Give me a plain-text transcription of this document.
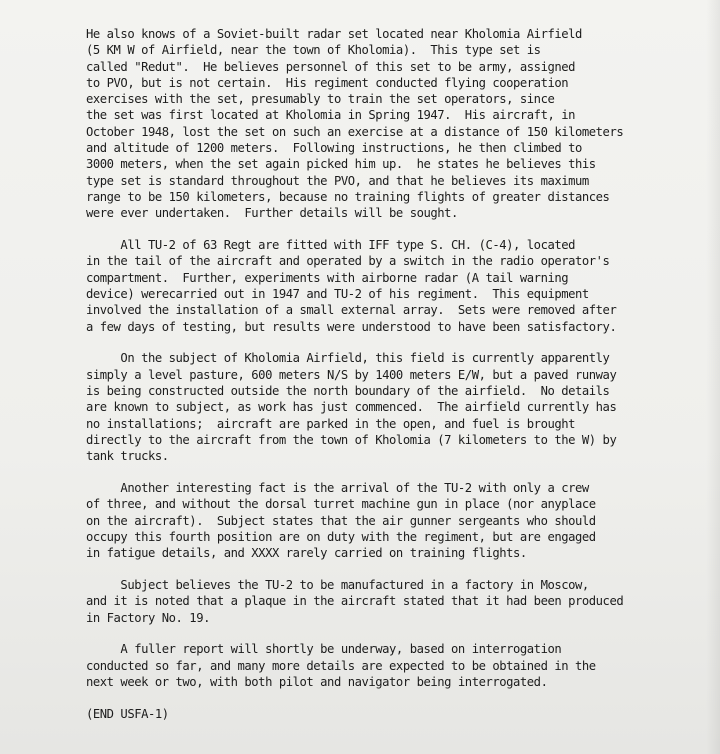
He also knows of a Soviet-built radar set located near Kholomia Airfield
(5 KM W of Airfield, near the town of Kholomia).  This type set is
called "Redut".  He believes personnel of this set to be army, assigned
to PVO, but is not certain.  His regiment conducted flying cooperation
exercises with the set, presumably to train the set operators, since
the set was first located at Kholomia in Spring 1947.  His aircraft, in
October 1948, lost the set on such an exercise at a distance of 150 kilometers
and altitude of 1200 meters.  Following instructions, he then climbed to
3000 meters, when the set again picked him up.  he states he believes this
type set is standard throughout the PVO, and that he believes its maximum
range to be 150 kilometers, because no training flights of greater distances
were ever undertaken.  Further details will be sought.
All TU-2 of 63 Regt are fitted with IFF type S. CH. (C-4), located
in the tail of the aircraft and operated by a switch in the radio operator's
compartment.  Further, experiments with airborne radar (A tail warning
device) werecarried out in 1947 and TU-2 of his regiment.  This equipment
involved the installation of a small external array.  Sets were removed after
a few days of testing, but results were understood to have been satisfactory.
On the subject of Kholomia Airfield, this field is currently apparently
simply a level pasture, 600 meters N/S by 1400 meters E/W, but a paved runway
is being constructed outside the north boundary of the airfield.  No details
are known to subject, as work has just commenced.  The airfield currently has
no installations;  aircraft are parked in the open, and fuel is brought
directly to the aircraft from the town of Kholomia (7 kilometers to the W) by
tank trucks.
Another interesting fact is the arrival of the TU-2 with only a crew
of three, and without the dorsal turret machine gun in place (nor anyplace
on the aircraft).  Subject states that the air gunner sergeants who should
occupy this fourth position are on duty with the regiment, but are engaged
in fatigue details, and XXXX rarely carried on training flights.
Subject believes the TU-2 to be manufactured in a factory in Moscow,
and it is noted that a plaque in the aircraft stated that it had been produced
in Factory No. 19.
A fuller report will shortly be underway, based on interrogation
conducted so far, and many more details are expected to be obtained in the
next week or two, with both pilot and navigator being interrogated.
(END USFA-1)
